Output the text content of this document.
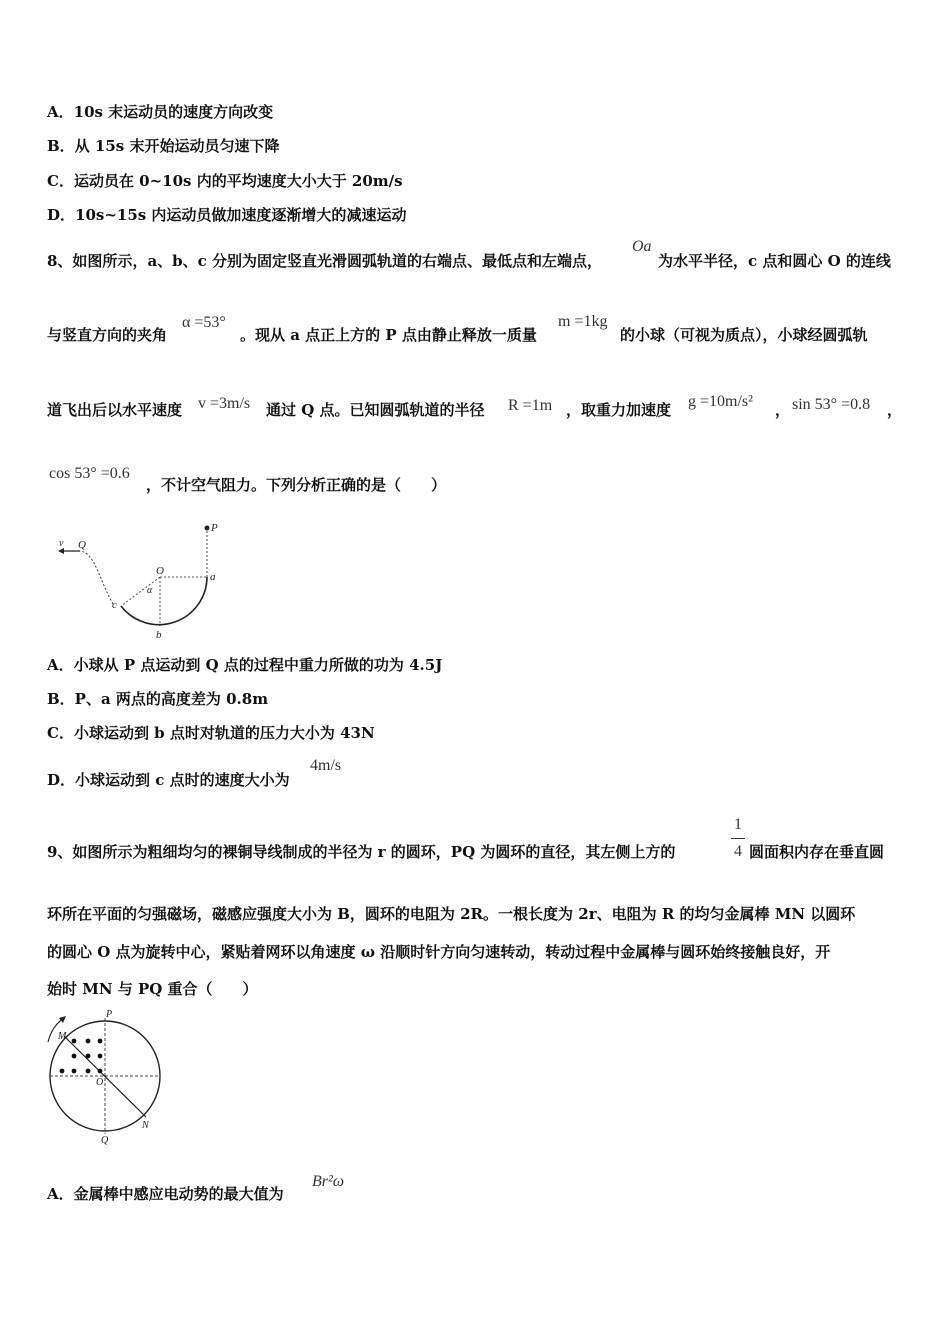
A．10s 末运动员的速度方向改变
B．从 15s 末开始运动员匀速下降
C．运动员在 0~10s 内的平均速度大小大于 20m/s
D．10s~15s 内运动员做加速度逐渐增大的减速运动
8、如图所示，a、b、c 分别为固定竖直光滑圆弧轨道的右端点、最低点和左端点，
Oa
为水平半径，c 点和圆心 O 的连线
与竖直方向的夹角
α =53°
。现从 a 点正上方的 P 点由静止释放一质量
m =1kg
的小球（可视为质点），小球经圆弧轨
道飞出后以水平速度 v =3m/s 通过 Q 点。已知圆弧轨道的半径 R =1m ，取重力加速度 g =10m/s² ， sin 53° =0.8 ，
cos 53° =0.6
，不计空气阻力。下列分析正确的是（　　）
v Q
P
O
α
a
c
b
A．小球从 P 点运动到 Q 点的过程中重力所做的功为 4.5J
B．P、a 两点的高度差为 0.8m
C．小球运动到 b 点时对轨道的压力大小为 43N
D．小球运动到 c 点时的速度大小为
4m/s
9、如图所示为粗细均匀的裸铜导线制成的半径为 r 的圆环，PQ 为圆环的直径，其左侧上方的
1
4 圆面积内存在垂直圆
环所在平面的匀强磁场，磁感应强度大小为 B，圆环的电阻为 2R。一根长度为 2r、电阻为 R 的均匀金属棒 MN 以圆环
的圆心 O 点为旋转中心，紧贴着网环以角速度 ω 沿顺时针方向匀速转动，转动过程中金属棒与圆环始终接触良好，开
始时 MN 与 PQ 重合（　　）
P
M
O
N
Q
A．金属棒中感应电动势的最大值为
Br²ω
